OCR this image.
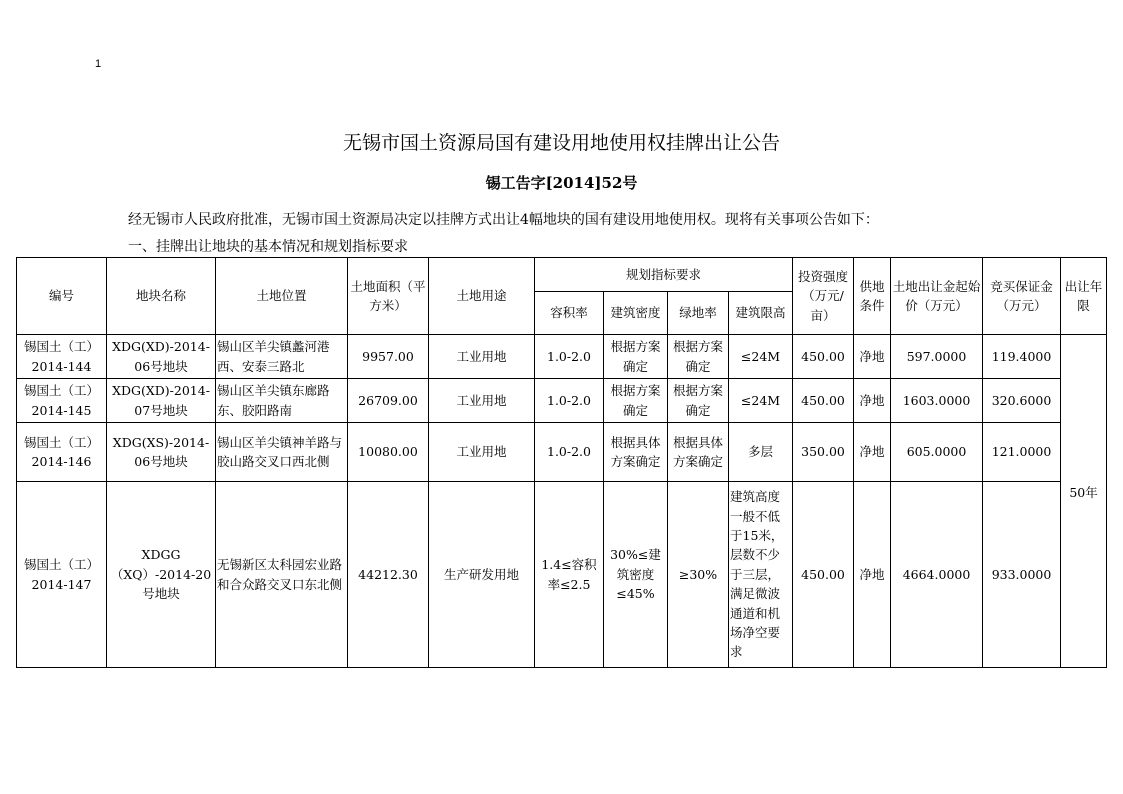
1
无锡市国土资源局国有建设用地使用权挂牌出让公告
锡工告字[2014]52号
经无锡市人民政府批准，无锡市国土资源局决定以挂牌方式出让4幅地块的国有建设用地使用权。现将有关事项公告如下：
一、挂牌出让地块的基本情况和规划指标要求
编号	地块名称	土地位置	土地面积（平方米）	土地用途	规划指标要求				投资强度（万元/亩）	供地条件	土地出让金起始价（万元）	竞买保证金（万元）	出让年限
					容积率	建筑密度	绿地率	建筑限高					
锡国土（工）2014-144	XDG(XD)-2014-06号地块	锡山区羊尖镇蠡河港西、安泰三路北	9957.00	工业用地	1.0-2.0	根据方案确定	根据方案确定	≤24M	450.00	净地	597.0000	119.4000	50年
锡国土（工）2014-145	XDG(XD)-2014-07号地块	锡山区羊尖镇东廊路东、胶阳路南	26709.00	工业用地	1.0-2.0	根据方案确定	根据方案确定	≤24M	450.00	净地	1603.0000	320.6000	
锡国土（工）2014-146	XDG(XS)-2014-06号地块	锡山区羊尖镇神羊路与胶山路交叉口西北侧	10080.00	工业用地	1.0-2.0	根据具体方案确定	根据具体方案确定	多层	350.00	净地	605.0000	121.0000	
锡国土（工）2014-147	XDGG（XQ）-2014-20号地块	无锡新区太科园宏业路和合众路交叉口东北侧	44212.30	生产研发用地	1.4≤容积率≤2.5	30%≤建筑密度≤45%	≥30%	建筑高度一般不低于15米，层数不少于三层，满足微波通道和机场净空要求	450.00	净地	4664.0000	933.0000	
